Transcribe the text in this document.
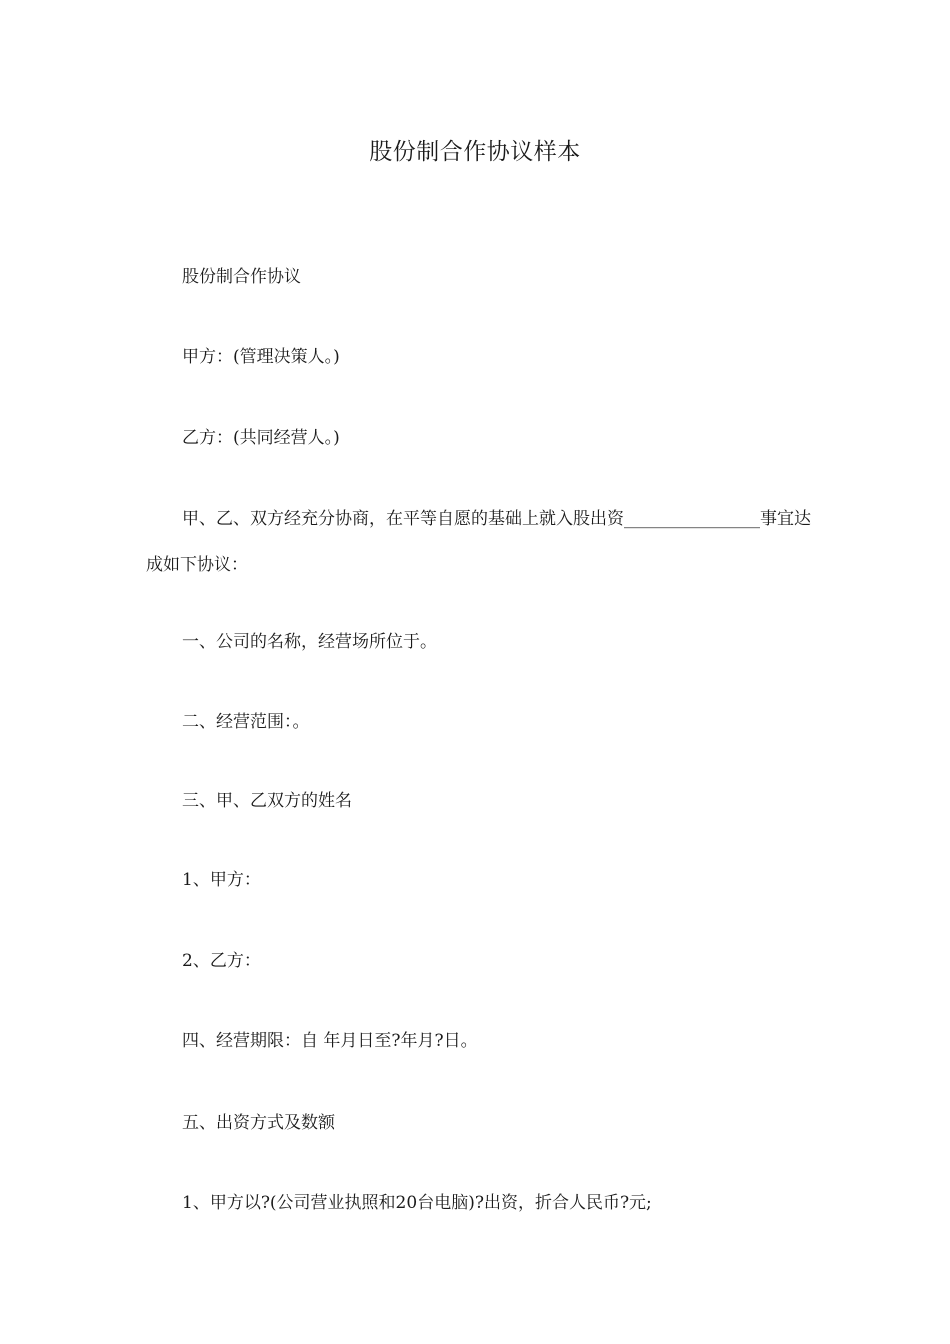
股份制合作协议样本
股份制合作协议
甲方：(管理决策人。)
乙方：(共同经营人。)
甲、乙、双方经充分协商，在平等自愿的基础上就入股出资________________事宜达成如下协议：
一、公司的名称，经营场所位于。
二、经营范围：。
三、甲、乙双方的姓名
1、甲方：
2、乙方：
四、经营期限：自 年月日至?年月?日。
五、出资方式及数额
1、甲方以?(公司营业执照和20台电脑)?出资，折合人民币?元;
